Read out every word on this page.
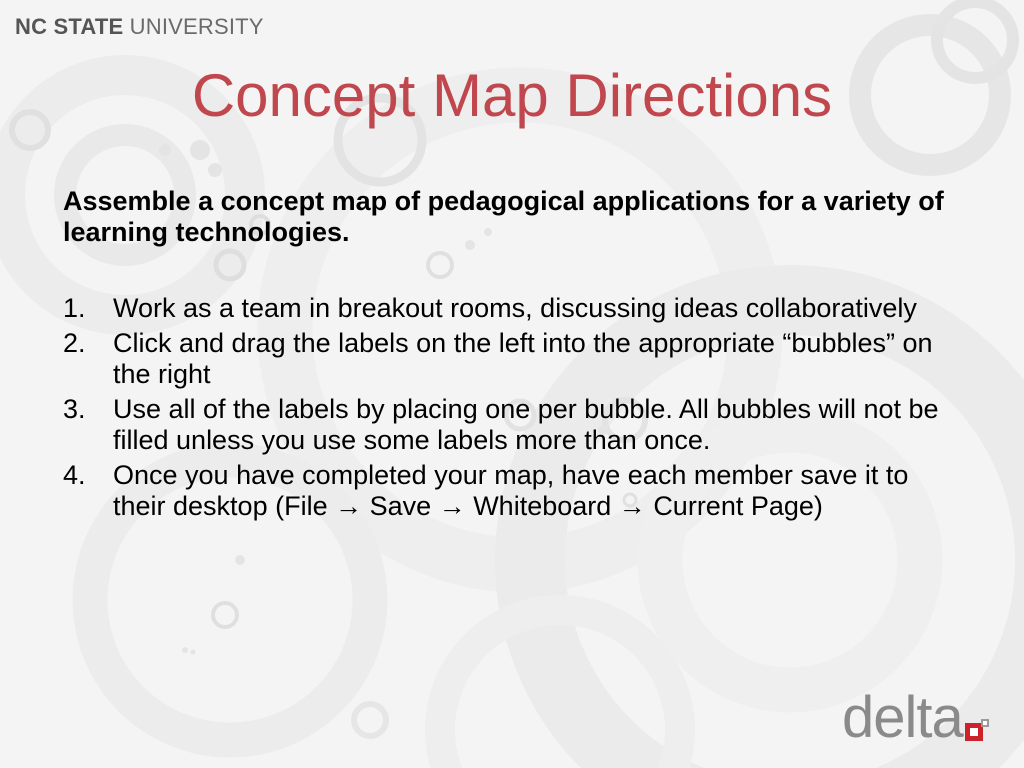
NC STATE UNIVERSITY
Concept Map Directions

Assemble a concept map of pedagogical applications for a variety of learning technologies.

1. Work as a team in breakout rooms, discussing ideas collaboratively
2. Click and drag the labels on the left into the appropriate “bubbles” on the right
3. Use all of the labels by placing one per bubble. All bubbles will not be filled unless you use some labels more than once.
4. Once you have completed your map, have each member save it to their desktop (File → Save → Whiteboard → Current Page)
delta
